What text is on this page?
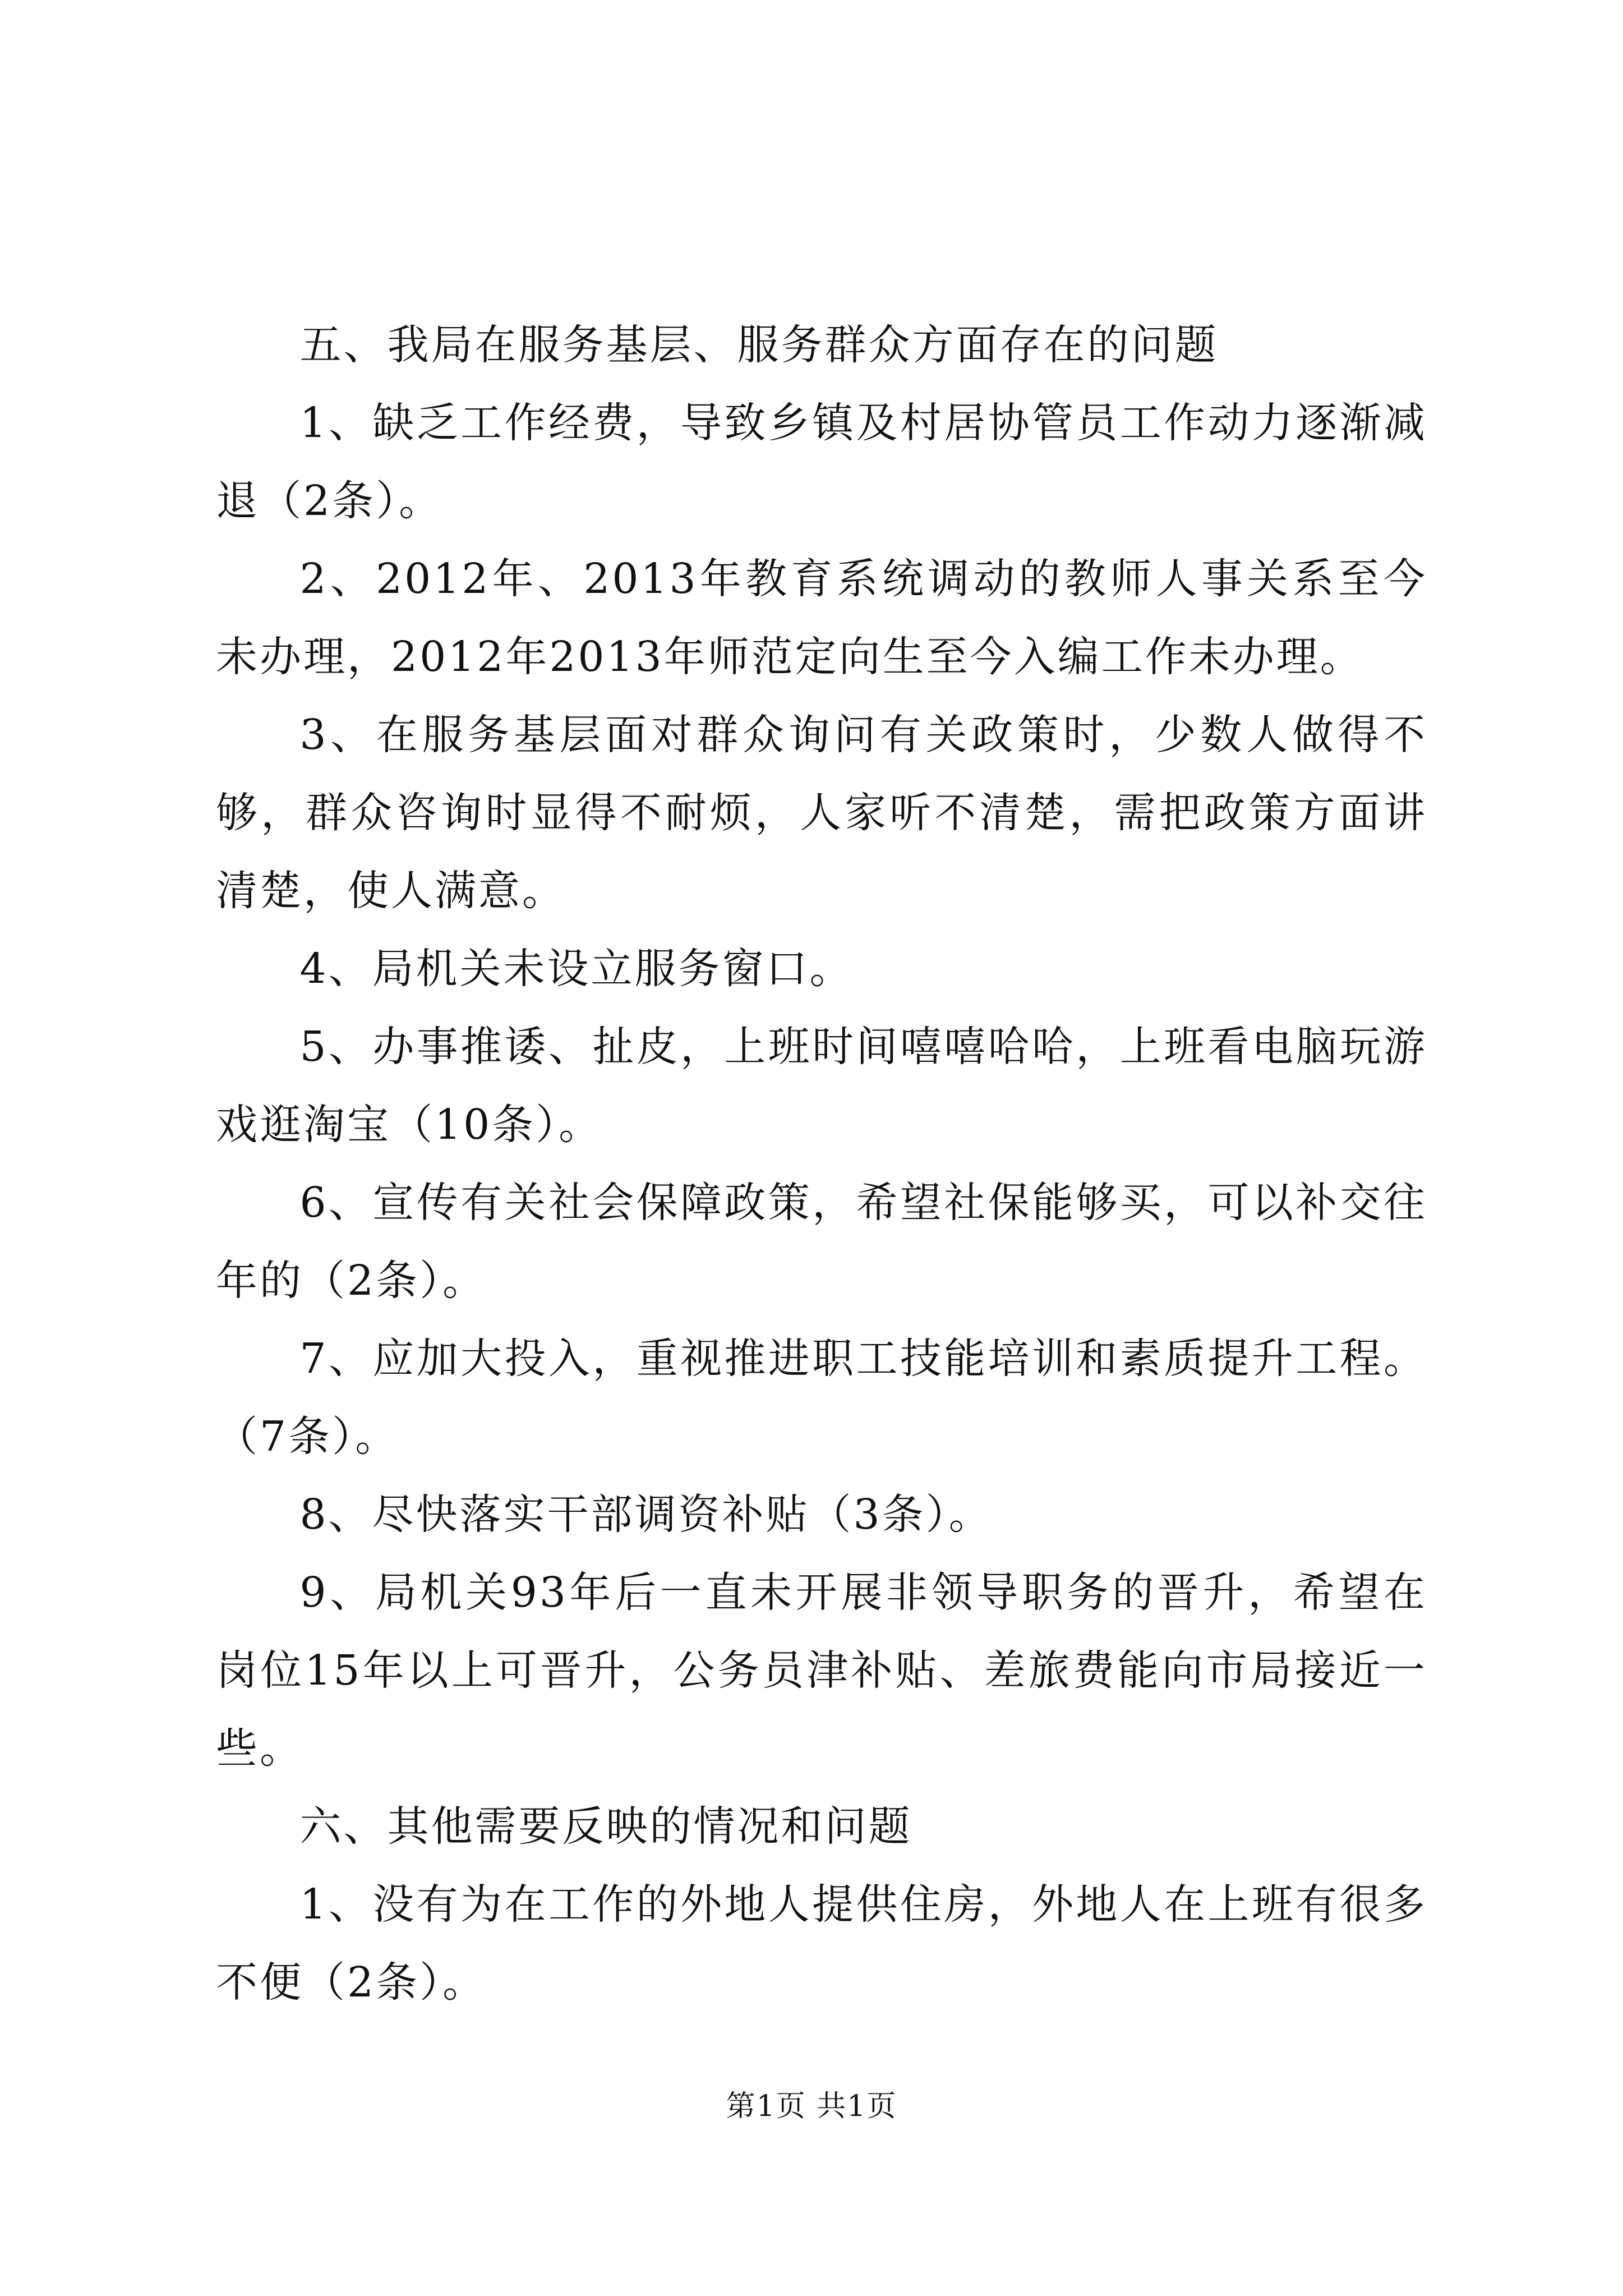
五、我局在服务基层、服务群众方面存在的问题

1、缺乏工作经费，导致乡镇及村居协管员工作动力逐渐减退（2条）。

2、2012年、2013年教育系统调动的教师人事关系至今未办理，2012年2013年师范定向生至今入编工作未办理。

3、在服务基层面对群众询问有关政策时，少数人做得不够，群众咨询时显得不耐烦，人家听不清楚，需把政策方面讲清楚，使人满意。

4、局机关未设立服务窗口。

5、办事推诿、扯皮，上班时间嘻嘻哈哈，上班看电脑玩游戏逛淘宝（10条）。

6、宣传有关社会保障政策，希望社保能够买，可以补交往年的（2条）。

7、应加大投入，重视推进职工技能培训和素质提升工程。（7条）。

8、尽快落实干部调资补贴（3条）。

9、局机关93年后一直未开展非领导职务的晋升，希望在岗位15年以上可晋升，公务员津补贴、差旅费能向市局接近一些。

六、其他需要反映的情况和问题

1、没有为在工作的外地人提供住房，外地人在上班有很多不便（2条）。

第1页 共1页
